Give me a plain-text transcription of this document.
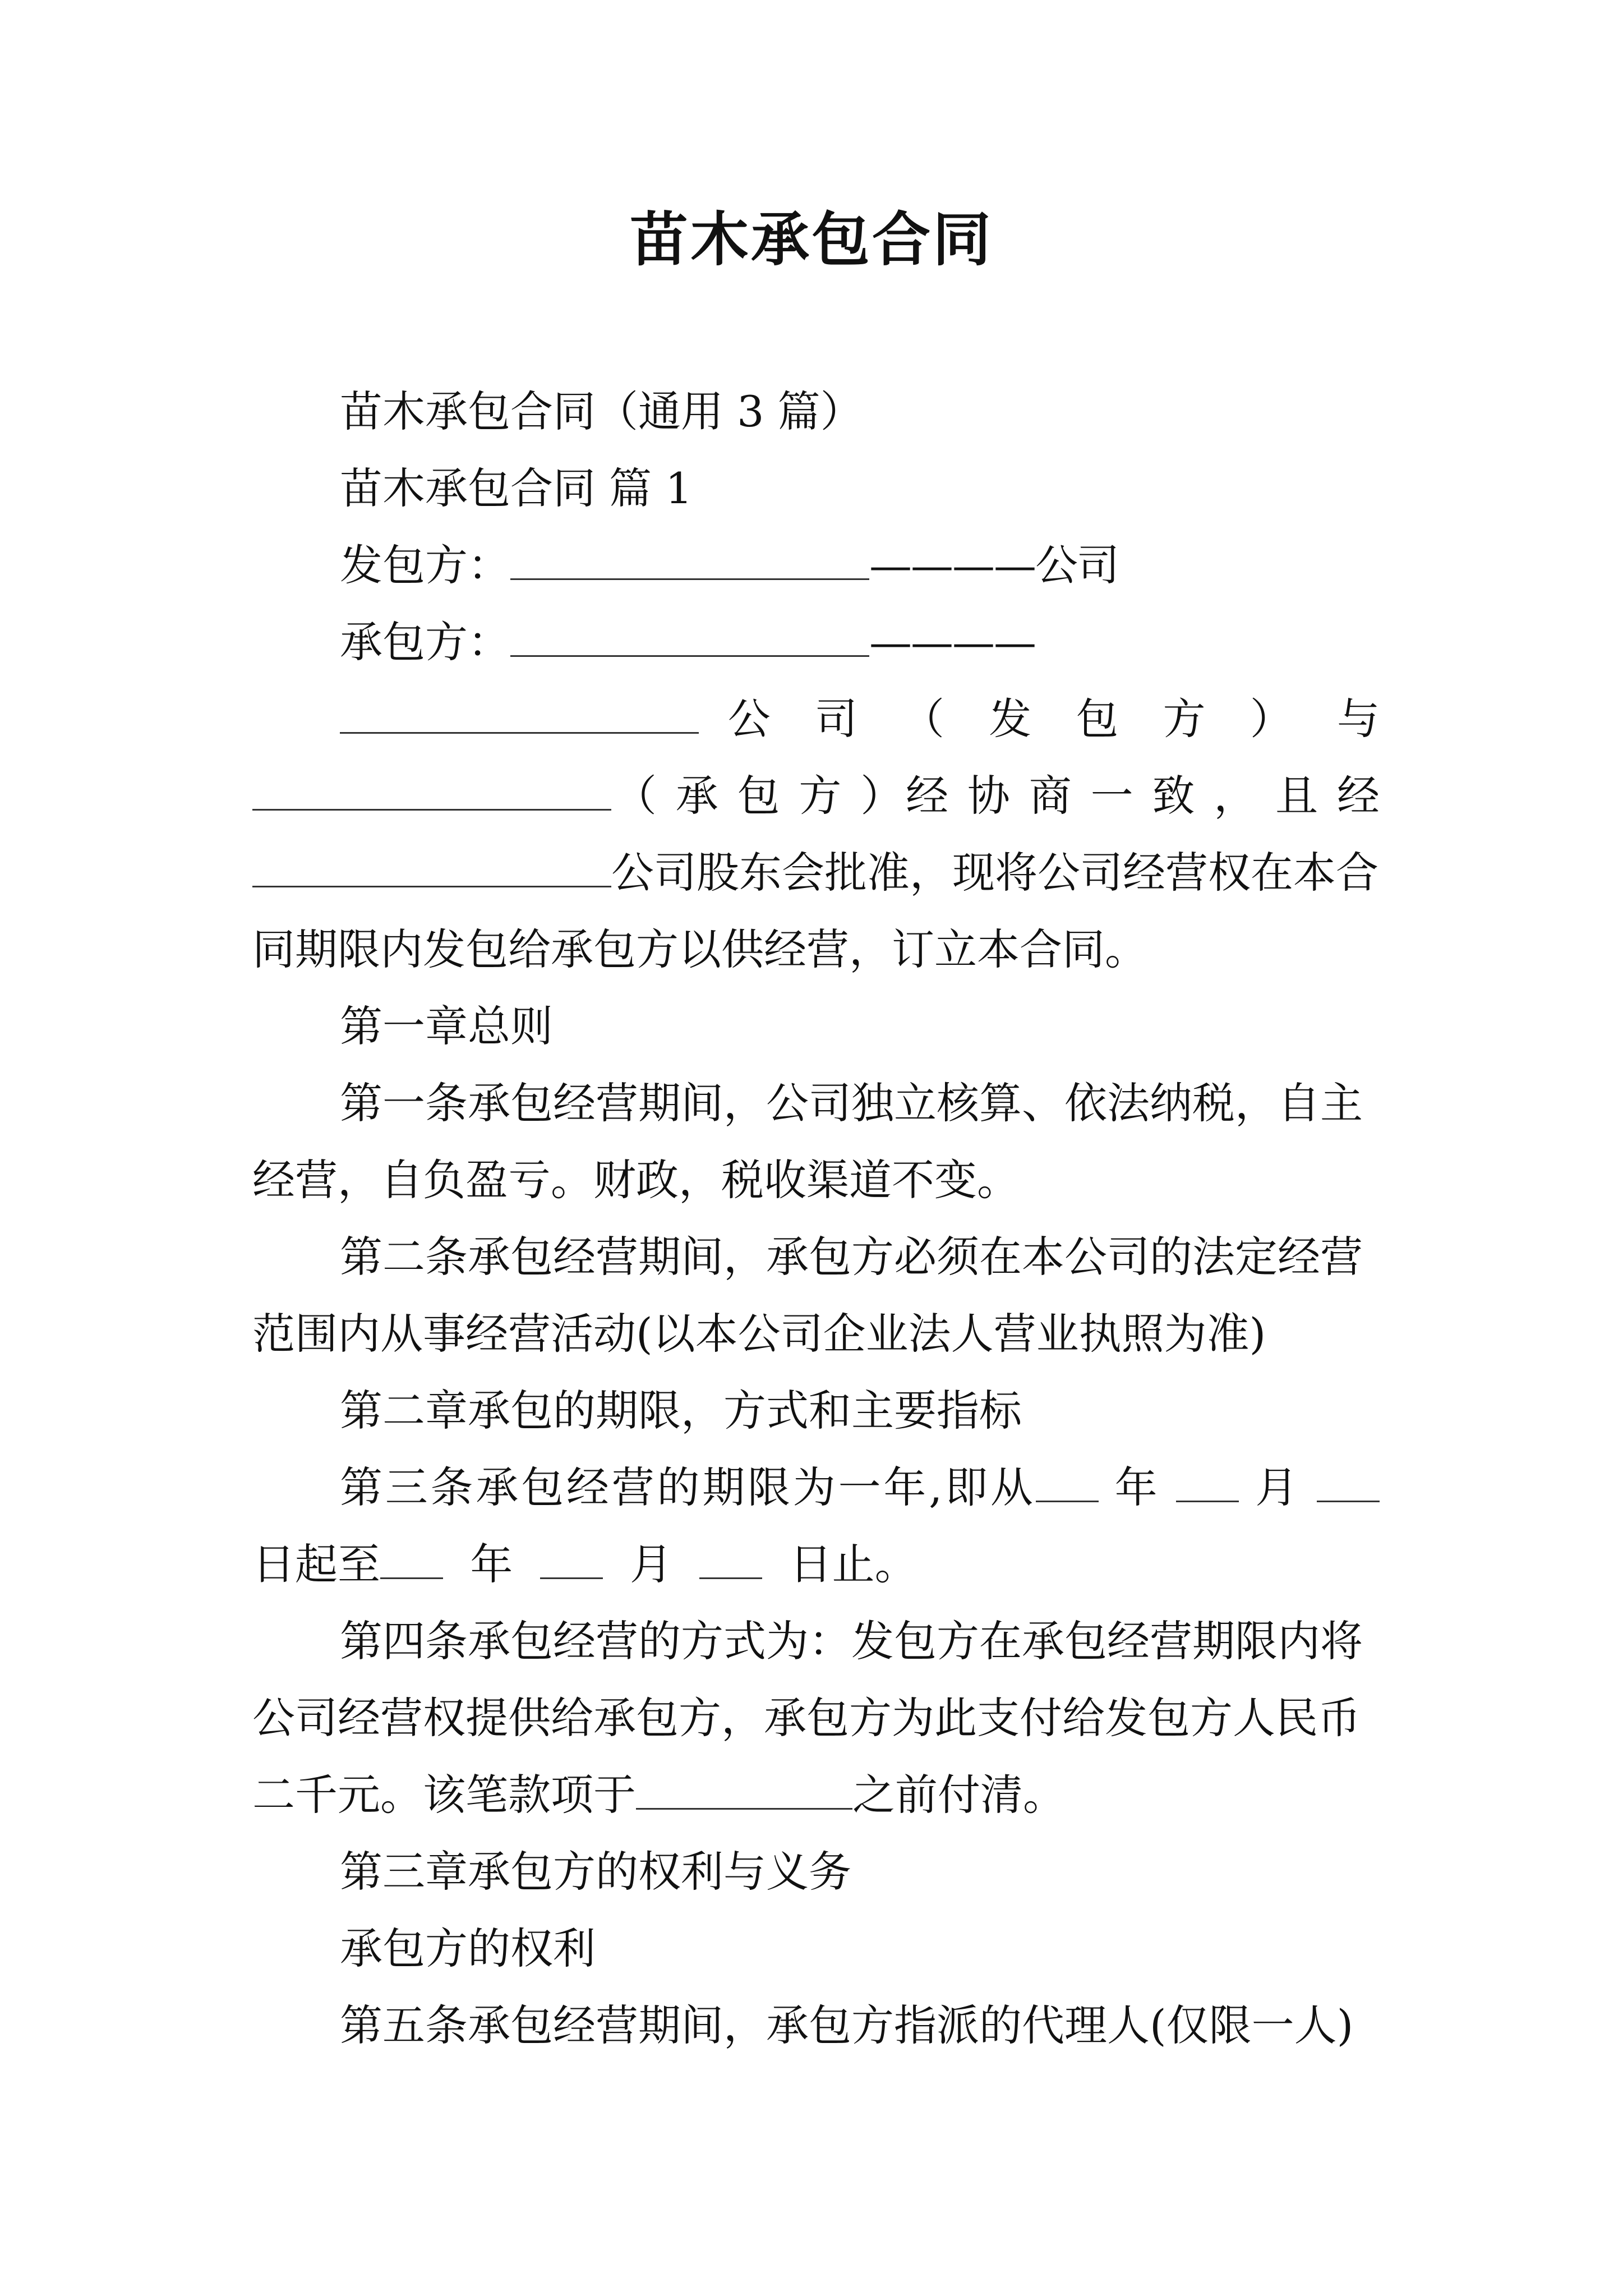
苗木承包合同

苗木承包合同（通用 3 篇）

苗木承包合同 篇 1

发包方：	————公司

承包方：	————

公 司 （ 发 包 方 ） 与

（ 承 包 方 ）经 协 商 一 致 ， 且 经

公司股东会批准，现将公司经营权在本合

同期限内发包给承包方以供经营，订立本合同。

第一章总则

第一条承包经营期间，公司独立核算、依法纳税，自主

经营，自负盈亏。财政，税收渠道不变。

第二条承包经营期间，承包方必须在本公司的法定经营

范围内从事经营活动(以本公司企业法人营业执照为准)

第二章承包的期限，方式和主要指标

第三条承包经营的期限为一年,即从 年 月

日起至 年	月	日止。

第四条承包经营的方式为：发包方在承包经营期限内将

公司经营权提供给承包方，承包方为此支付给发包方人民币

二千元。该笔款项于	之前付清。

第三章承包方的权利与义务

承包方的权利

第五条承包经营期间，承包方指派的代理人(仅限一人)
